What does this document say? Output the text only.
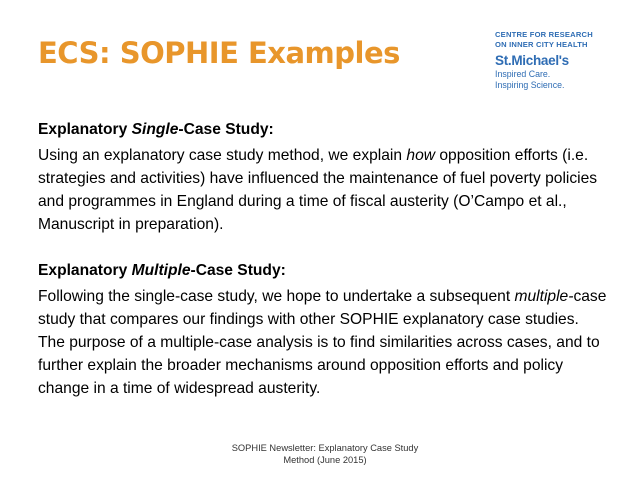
ECS: SOPHIE Examples
CENTRE FOR RESEARCH
ON INNER CITY HEALTH
St.Michael's
Inspired Care.
Inspiring Science.

Explanatory Single-Case Study:

Using an explanatory case study method, we explain how opposition efforts (i.e. strategies and activities) have influenced the maintenance of fuel poverty policies and programmes in England during a time of fiscal austerity (O’Campo et al., Manuscript in preparation).

Explanatory Multiple-Case Study:

Following the single-case study, we hope to undertake a subsequent multiple-case study that compares our findings with other SOPHIE explanatory case studies. The purpose of a multiple-case analysis is to find similarities across cases, and to further explain the broader mechanisms around opposition efforts and policy change in a time of widespread austerity.

SOPHIE Newsletter: Explanatory Case Study
Method (June 2015)
